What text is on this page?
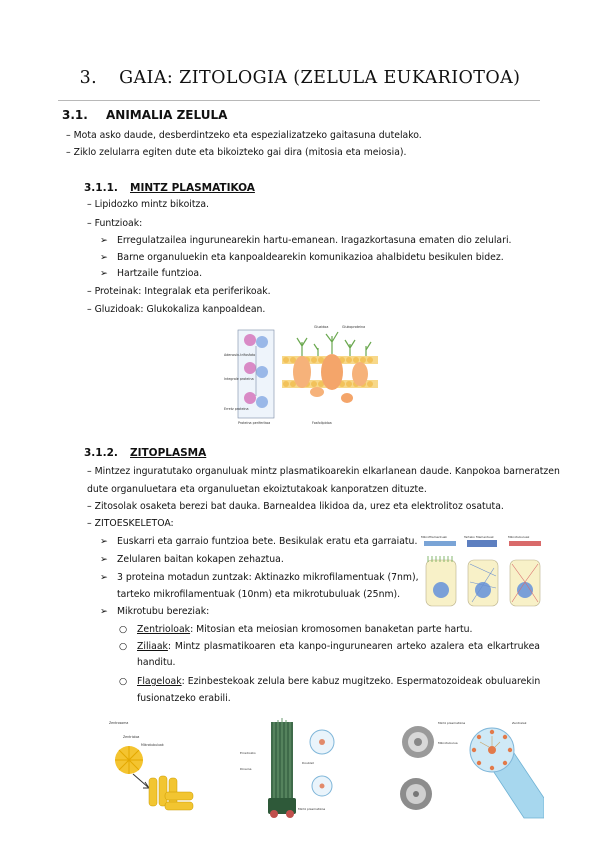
3. GAIA: ZITOLOGIA (ZELULA EUKARIOTOA)
3.1. ANIMALIA ZELULA
– Mota asko daude, desberdintzeko eta espezializatzeko gaitasuna dutelako.
– Ziklo zelularra egiten dute eta bikoizteko gai dira (mitosia eta meiosia).
3.1.1. MINTZ PLASMATIKOA
– Lipidozko mintz bikoitza.
– Funtzioak:
➢ Erregulatzailea ingurunearekin hartu-emanean. Iragazkortasuna ematen dio zelulari.
➢ Barne organuluekin eta kanpoaldearekin komunikazioa ahalbidetu besikulen bidez.
➢ Hartzaile funtzioa.
– Proteinak: Integralak eta periferikoak.
– Gluzidoak: Glukokaliza kanpoaldean.
Adenosin-trifosfato
Integrale proteina
Erretz proteina
Gluzidoa	Glukoproteina
Proteina periferikoa	Fosfolipidoa
3.1.2. ZITOPLASMA
– Mintzez inguratutako organuluak mintz plasmatikoarekin elkarlanean daude. Kanpokoa barneratzen
dute organuluetara eta organuluetan ekoiztutakoak kanporatzen dituzte.
– Zitosolak osaketa berezi bat dauka. Barnealdea likidoa da, urez eta elektrolitoz osatuta.
– ZITOESKELETOA:
➢ Euskarri eta garraio funtzioa bete. Besikulak eratu eta garraiatu.
➢ Zelularen baitan kokapen zehaztua.
➢ 3 proteina motadun zuntzak: Aktinazko mikrofilamentuak (7nm),
tarteko mikrofilamentuak (10nm) eta mikrotubuluak (25nm).
➢ Mikrotubu bereziak:
○ Zentrioloak: Mitosian eta meiosian kromosomen banaketan parte hartu.
○ Ziliaak: Mintz plasmatikoaren eta kanpo-ingurunearen arteko azalera eta elkartrukea
handitu.
○ Flageloak: Ezinbestekoak zelula bere kabuz mugitzeko. Espermatozoideak obuluarekin
fusionatzeko erabili.
Mikrofilamentuak	Tarteko filamentuak	Mikrotubuluak
Zentrosoma
Zentrioloa
Mikrotubuluak
Doublet
Erradiozko
Dineina
Mintz plasmatikoa
Mintz plasmatikoa
Mikrotubulua
Zentralak
